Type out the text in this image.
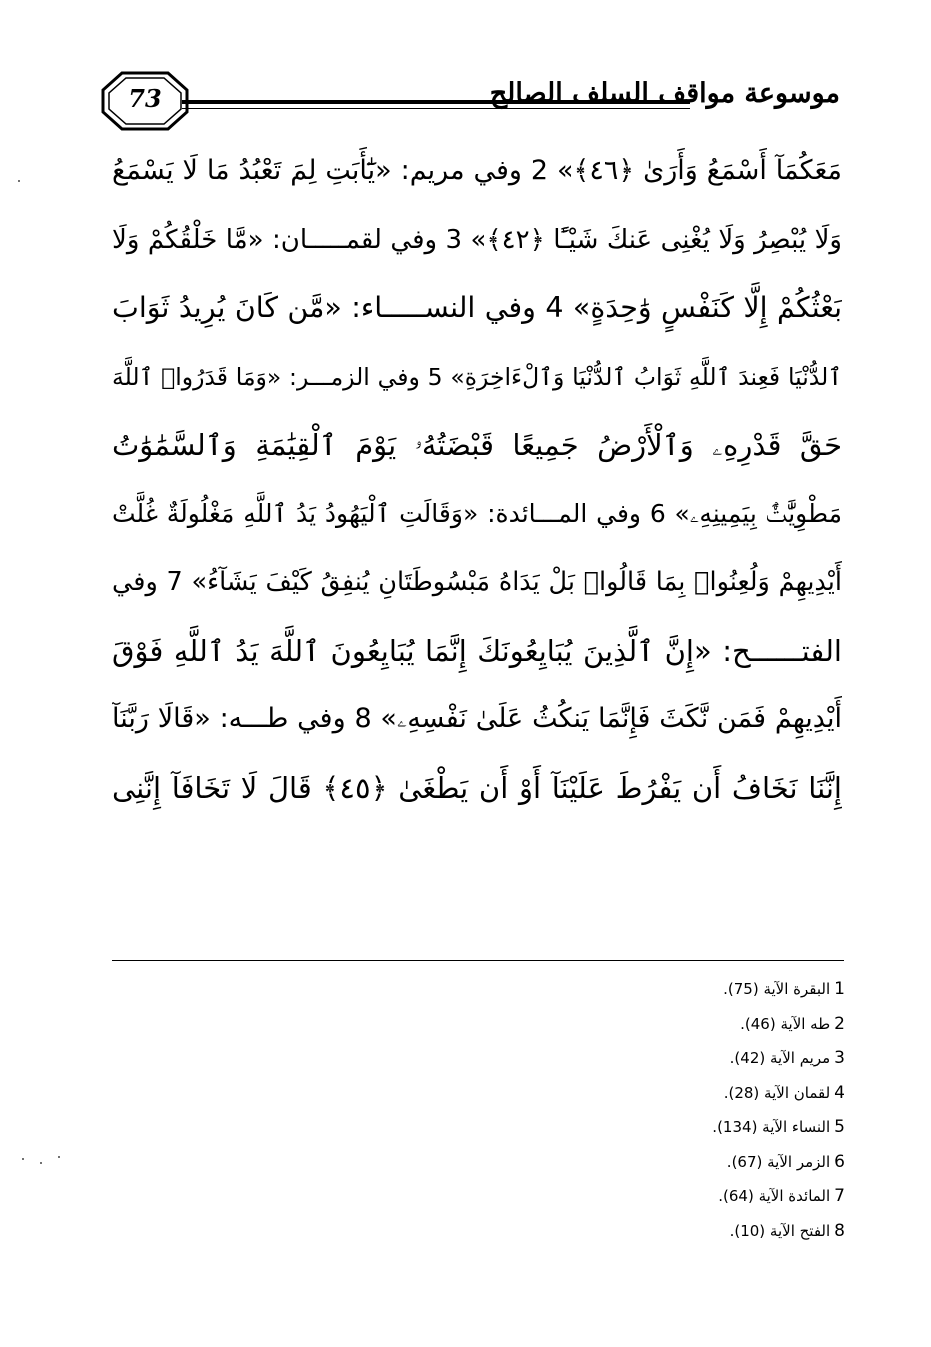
73	موسوعة مواقف السلف الصالح
مَعَكُمَآ أَسْمَعُ وَأَرَىٰ ﴿٤٦﴾» 2 وفي مريم: «يَٰٓأَبَتِ لِمَ تَعْبُدُ مَا لَا يَسْمَعُ
وَلَا يُبْصِرُ وَلَا يُغْنِى عَنكَ شَيْـًٔا ﴿٤٢﴾» 3 وفي لقمـــــان: «مَّا خَلْقُكُمْ وَلَا
بَعْثُكُمْ إِلَّا كَنَفْسٍ وَٰحِدَةٍ» 4 وفي النســـــاء: «مَّن كَانَ يُرِيدُ ثَوَابَ
ٱلدُّنْيَا فَعِندَ ٱللَّهِ ثَوَابُ ٱلدُّنْيَا وَٱلْءَاخِرَةِ» 5 وفي الزمـــر: «وَمَا قَدَرُوا۟ ٱللَّهَ
حَقَّ قَدْرِهِۦ وَٱلْأَرْضُ جَمِيعًا قَبْضَتُهُۥ يَوْمَ ٱلْقِيَٰمَةِ وَٱلسَّمَٰوَٰتُ
مَطْوِيَّٰتٌۢ بِيَمِينِهِۦ» 6 وفي المـــائدة: «وَقَالَتِ ٱلْيَهُودُ يَدُ ٱللَّهِ مَغْلُولَةٌ غُلَّتْ
أَيْدِيهِمْ وَلُعِنُوا۟ بِمَا قَالُوا۟ بَلْ يَدَاهُ مَبْسُوطَتَانِ يُنفِقُ كَيْفَ يَشَآءُ» 7 وفي
الفتــــــح: «إِنَّ ٱلَّذِينَ يُبَايِعُونَكَ إِنَّمَا يُبَايِعُونَ ٱللَّهَ يَدُ ٱللَّهِ فَوْقَ
أَيْدِيهِمْ فَمَن نَّكَثَ فَإِنَّمَا يَنكُثُ عَلَىٰ نَفْسِهِۦ» 8 وفي طـــه: «قَالَا رَبَّنَآ
إِنَّنَا نَخَافُ أَن يَفْرُطَ عَلَيْنَآ أَوْ أَن يَطْغَىٰ ﴿٤٥﴾ قَالَ لَا تَخَافَآ إِنَّنِى
1البقرة الآية (75).
2طه الآية (46).
3مريم الآية (42).
4لقمان الآية (28).
5النساء الآية (134).
6الزمر الآية (67).
7المائدة الآية (64).
8الفتح الآية (10).
